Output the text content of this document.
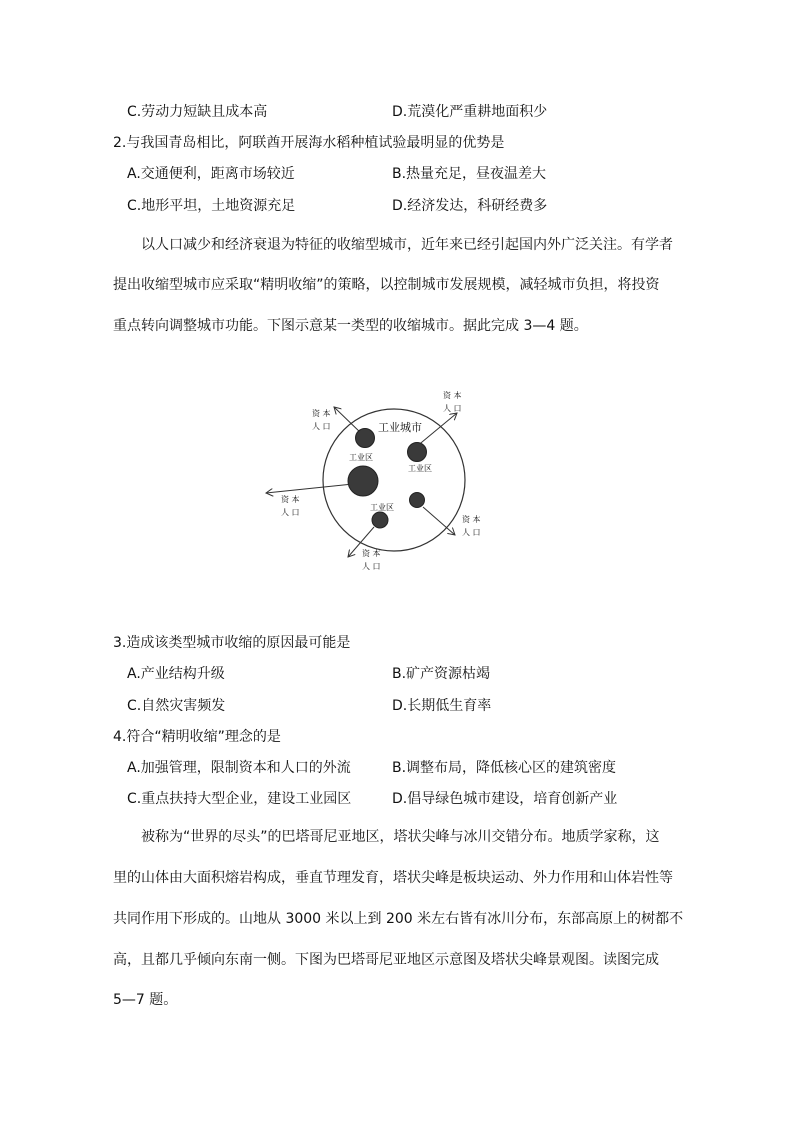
C.劳动力短缺且成本高	D.荒漠化严重耕地面积少
2.与我国青岛相比，阿联酋开展海水稻种植试验最明显的优势是
A.交通便利，距离市场较近	B.热量充足，昼夜温差大
C.地形平坦，土地资源充足	D.经济发达，科研经费多
以人口减少和经济衰退为特征的收缩型城市，近年来已经引起国内外广泛关注。有学者
提出收缩型城市应采取“精明收缩”的策略，以控制城市发展规模，减轻城市负担，将投资
重点转向调整城市功能。下图示意某一类型的收缩城市。据此完成 3—4 题。
工业城市
工业区
工业区
工业区
资 本
人 口
资 本
人 口
资 本
人 口
资 本
人 口
资 本
人 口
3.造成该类型城市收缩的原因最可能是
A.产业结构升级	B.矿产资源枯竭
C.自然灾害频发	D.长期低生育率
4.符合“精明收缩”理念的是
A.加强管理，限制资本和人口的外流	B.调整布局，降低核心区的建筑密度
C.重点扶持大型企业，建设工业园区	D.倡导绿色城市建设，培育创新产业
被称为“世界的尽头”的巴塔哥尼亚地区，塔状尖峰与冰川交错分布。地质学家称，这
里的山体由大面积熔岩构成，垂直节理发育，塔状尖峰是板块运动、外力作用和山体岩性等
共同作用下形成的。山地从 3000 米以上到 200 米左右皆有冰川分布，东部高原上的树都不
高，且都几乎倾向东南一侧。下图为巴塔哥尼亚地区示意图及塔状尖峰景观图。读图完成
5—7 题。
